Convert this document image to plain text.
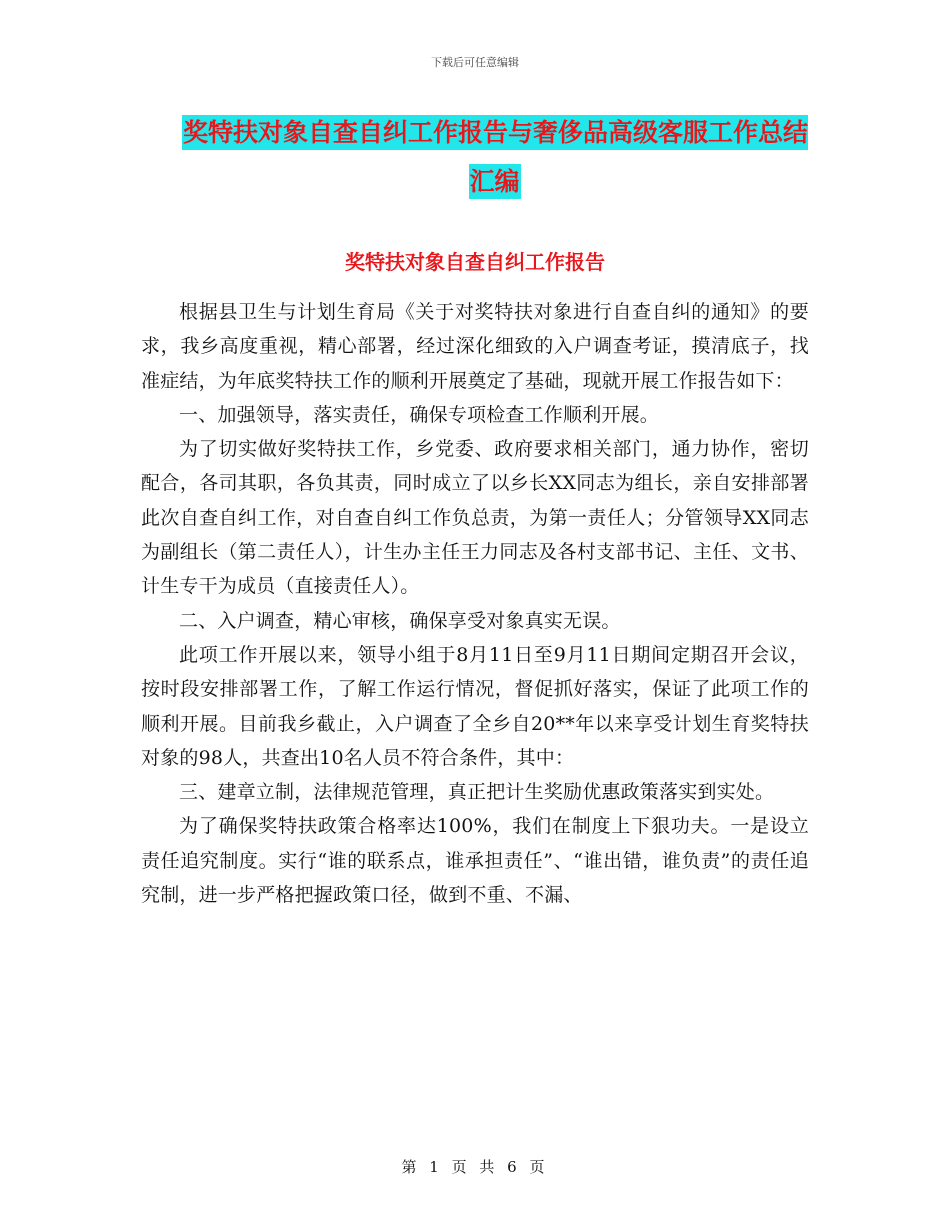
下载后可任意编辑
奖特扶对象自查自纠工作报告与奢侈品高级客服工作总结汇编
奖特扶对象自查自纠工作报告

根据县卫生与计划生育局《关于对奖特扶对象进行自查自纠的通知》的要求，我乡高度重视，精心部署，经过深化细致的入户调查考证，摸清底子，找准症结，为年底奖特扶工作的顺利开展奠定了基础，现就开展工作报告如下：

一、加强领导，落实责任，确保专项检查工作顺利开展。

为了切实做好奖特扶工作，乡党委、政府要求相关部门，通力协作，密切配合，各司其职，各负其责，同时成立了以乡长XX同志为组长，亲自安排部署此次自查自纠工作，对自查自纠工作负总责，为第一责任人；分管领导XX同志为副组长（第二责任人），计生办主任王力同志及各村支部书记、主任、文书、计生专干为成员（直接责任人）。

二、入户调查，精心审核，确保享受对象真实无误。

此项工作开展以来，领导小组于8月11日至9月11日期间定期召开会议，按时段安排部署工作，了解工作运行情况，督促抓好落实，保证了此项工作的顺利开展。目前我乡截止，入户调查了全乡自20**年以来享受计划生育奖特扶对象的98人，共查出10名人员不符合条件，其中：

三、建章立制，法律规范管理，真正把计生奖励优惠政策落实到实处。

为了确保奖特扶政策合格率达100%，我们在制度上下狠功夫。一是设立责任追究制度。实行“谁的联系点，谁承担责任”、“谁出错，谁负责”的责任追究制，进一步严格把握政策口径，做到不重、不漏、

第 1 页 共 6 页
